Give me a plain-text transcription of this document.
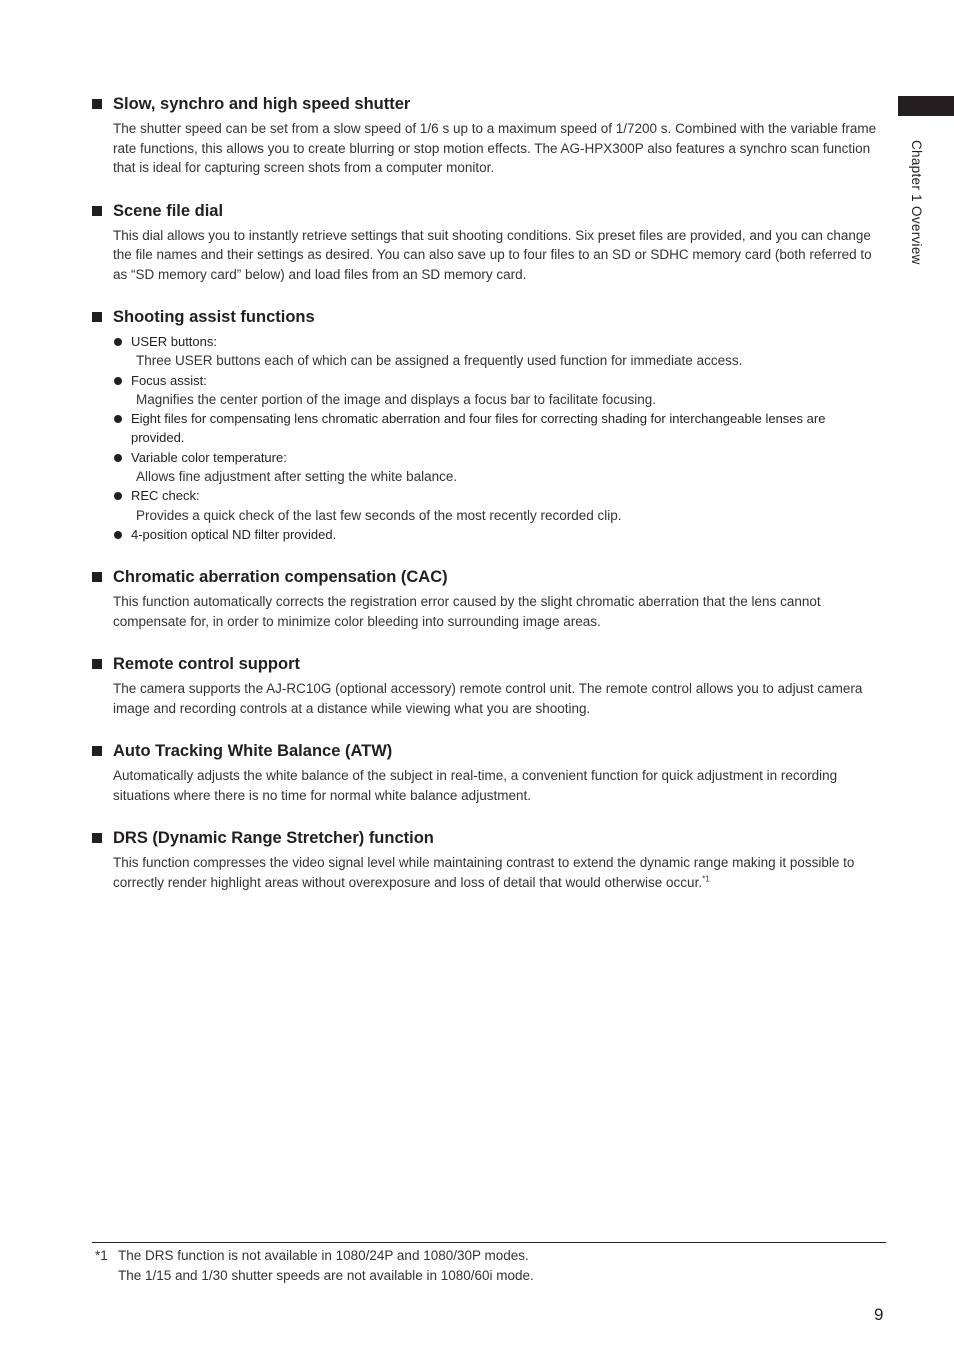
Chapter 1 Overview
Slow, synchro and high speed shutter
The shutter speed can be set from a slow speed of 1/6 s up to a maximum speed of 1/7200 s. Combined with the variable frame rate functions, this allows you to create blurring or stop motion effects. The AG-HPX300P also features a synchro scan function that is ideal for capturing screen shots from a computer monitor.
Scene file dial
This dial allows you to instantly retrieve settings that suit shooting conditions. Six preset files are provided, and you can change the file names and their settings as desired. You can also save up to four files to an SD or SDHC memory card (both referred to as “SD memory card” below) and load files from an SD memory card.
Shooting assist functions
USER buttons:
Three USER buttons each of which can be assigned a frequently used function for immediate access.
Focus assist:
Magnifies the center portion of the image and displays a focus bar to facilitate focusing.
Eight files for compensating lens chromatic aberration and four files for correcting shading for interchangeable lenses are provided.
Variable color temperature:
Allows fine adjustment after setting the white balance.
REC check:
Provides a quick check of the last few seconds of the most recently recorded clip.
4-position optical ND filter provided.
Chromatic aberration compensation (CAC)
This function automatically corrects the registration error caused by the slight chromatic aberration that the lens cannot compensate for, in order to minimize color bleeding into surrounding image areas.
Remote control support
The camera supports the AJ-RC10G (optional accessory) remote control unit. The remote control allows you to adjust camera image and recording controls at a distance while viewing what you are shooting.
Auto Tracking White Balance (ATW)
Automatically adjusts the white balance of the subject in real-time, a convenient function for quick adjustment in recording situations where there is no time for normal white balance adjustment.
DRS (Dynamic Range Stretcher) function
This function compresses the video signal level while maintaining contrast to extend the dynamic range making it possible to correctly render highlight areas without overexposure and loss of detail that would otherwise occur.$^{*1}$
*1 The DRS function is not available in 1080/24P and 1080/30P modes.
The 1/15 and 1/30 shutter speeds are not available in 1080/60i mode.
9
